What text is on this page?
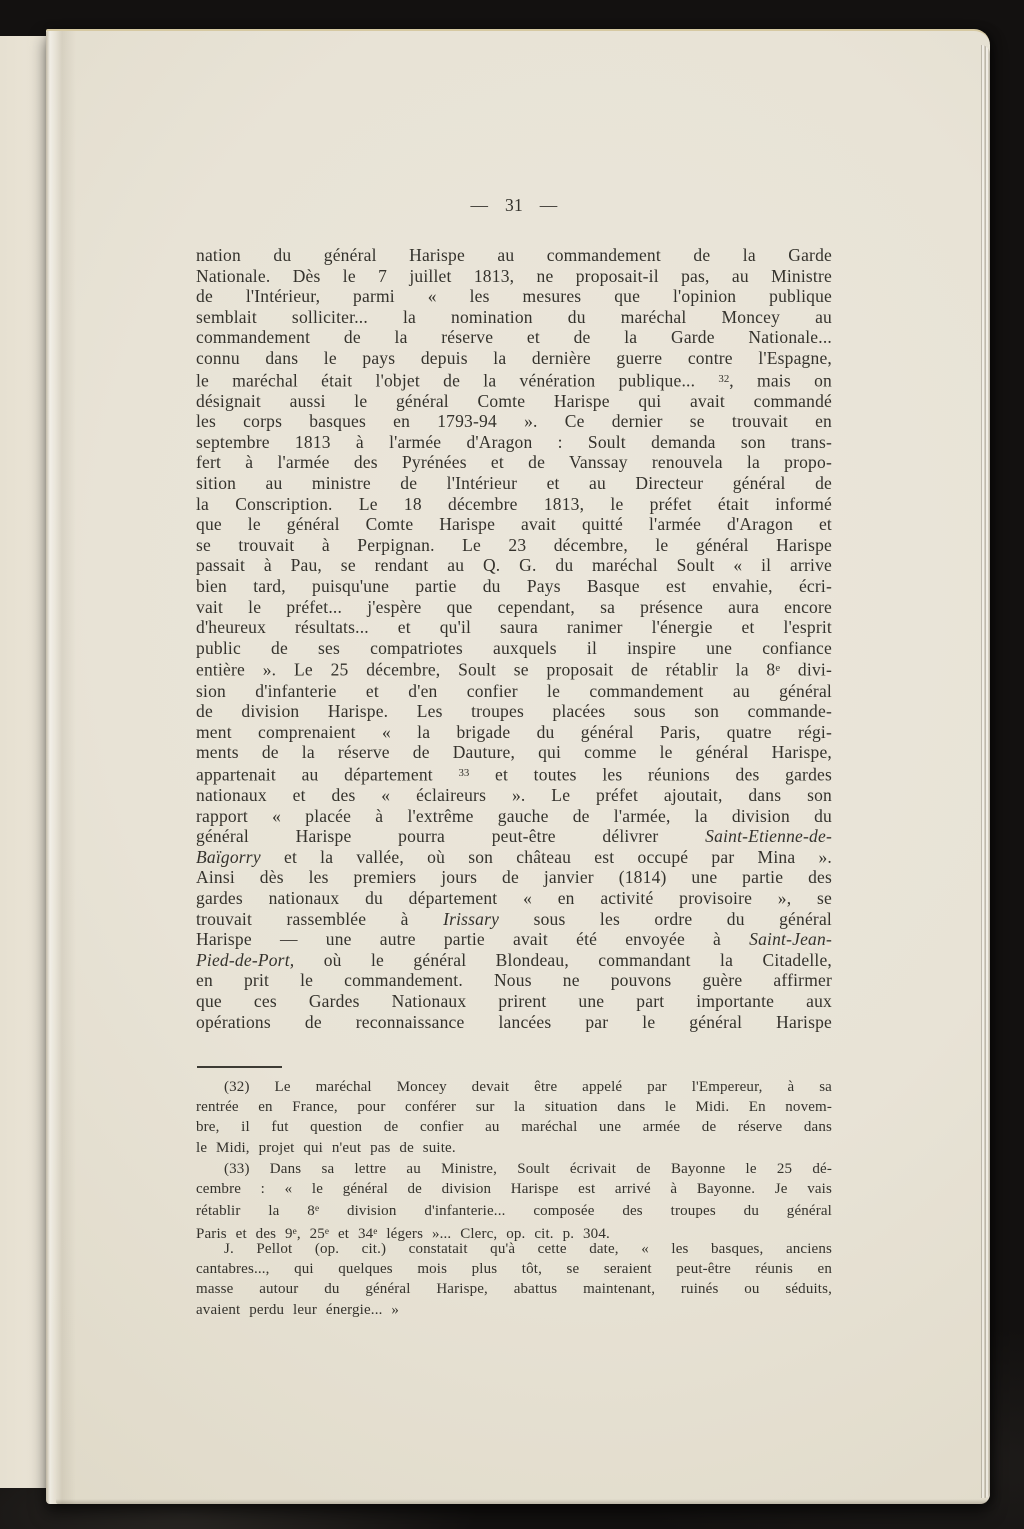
— 31 —
nation du général Harispe au commandement de la Garde
Nationale. Dès le 7 juillet 1813, ne proposait-il pas, au Ministre
de l'Intérieur, parmi « les mesures que l'opinion publique
semblait solliciter... la nomination du maréchal Moncey au
commandement de la réserve et de la Garde Nationale...
connu dans le pays depuis la dernière guerre contre l'Espagne,
le maréchal était l'objet de la vénération publique... $^{32}$, mais on
désignait aussi le général Comte Harispe qui avait commandé
les corps basques en 1793-94 ». Ce dernier se trouvait en
septembre 1813 à l'armée d'Aragon : Soult demanda son trans-
fert à l'armée des Pyrénées et de Vanssay renouvela la propo-
sition au ministre de l'Intérieur et au Directeur général de
la Conscription. Le 18 décembre 1813, le préfet était informé
que le général Comte Harispe avait quitté l'armée d'Aragon et
se trouvait à Perpignan. Le 23 décembre, le général Harispe
passait à Pau, se rendant au Q. G. du maréchal Soult « il arrive
bien tard, puisqu'une partie du Pays Basque est envahie, écri-
vait le préfet... j'espère que cependant, sa présence aura encore
d'heureux résultats... et qu'il saura ranimer l'énergie et l'esprit
public de ses compatriotes auxquels il inspire une confiance
entière ». Le 25 décembre, Soult se proposait de rétablir la 8e divi-
sion d'infanterie et d'en confier le commandement au général
de division Harispe. Les troupes placées sous son commande-
ment comprenaient « la brigade du général Paris, quatre régi-
ments de la réserve de Dauture, qui comme le général Harispe,
appartenait au département $^{33}$ et toutes les réunions des gardes
nationaux et des « éclaireurs ». Le préfet ajoutait, dans son
rapport « placée à l'extrême gauche de l'armée, la division du
général Harispe pourra peut-être délivrer Saint-Etienne-de-
Baïgorry et la vallée, où son château est occupé par Mina ».
Ainsi dès les premiers jours de janvier (1814) une partie des
gardes nationaux du département « en activité provisoire », se
trouvait rassemblée à Irissary sous les ordre du général
Harispe — une autre partie avait été envoyée à Saint-Jean-
Pied-de-Port, où le général Blondeau, commandant la Citadelle,
en prit le commandement. Nous ne pouvons guère affirmer
que ces Gardes Nationaux prirent une part importante aux
opérations de reconnaissance lancées par le général Harispe
(32) Le maréchal Moncey devait être appelé par l'Empereur, à sa
rentrée en France, pour conférer sur la situation dans le Midi. En novem-
bre, il fut question de confier au maréchal une armée de réserve dans
le Midi, projet qui n'eut pas de suite.
(33) Dans sa lettre au Ministre, Soult écrivait de Bayonne le 25 dé-
cembre : « le général de division Harispe est arrivé à Bayonne. Je vais
rétablir la 8e division d'infanterie... composée des troupes du général
Paris et des 9e, 25e et 34e légers »... Clerc, op. cit. p. 304.
J. Pellot (op. cit.) constatait qu'à cette date, « les basques, anciens
cantabres..., qui quelques mois plus tôt, se seraient peut-être réunis en
masse autour du général Harispe, abattus maintenant, ruinés ou séduits,
avaient perdu leur énergie... »
